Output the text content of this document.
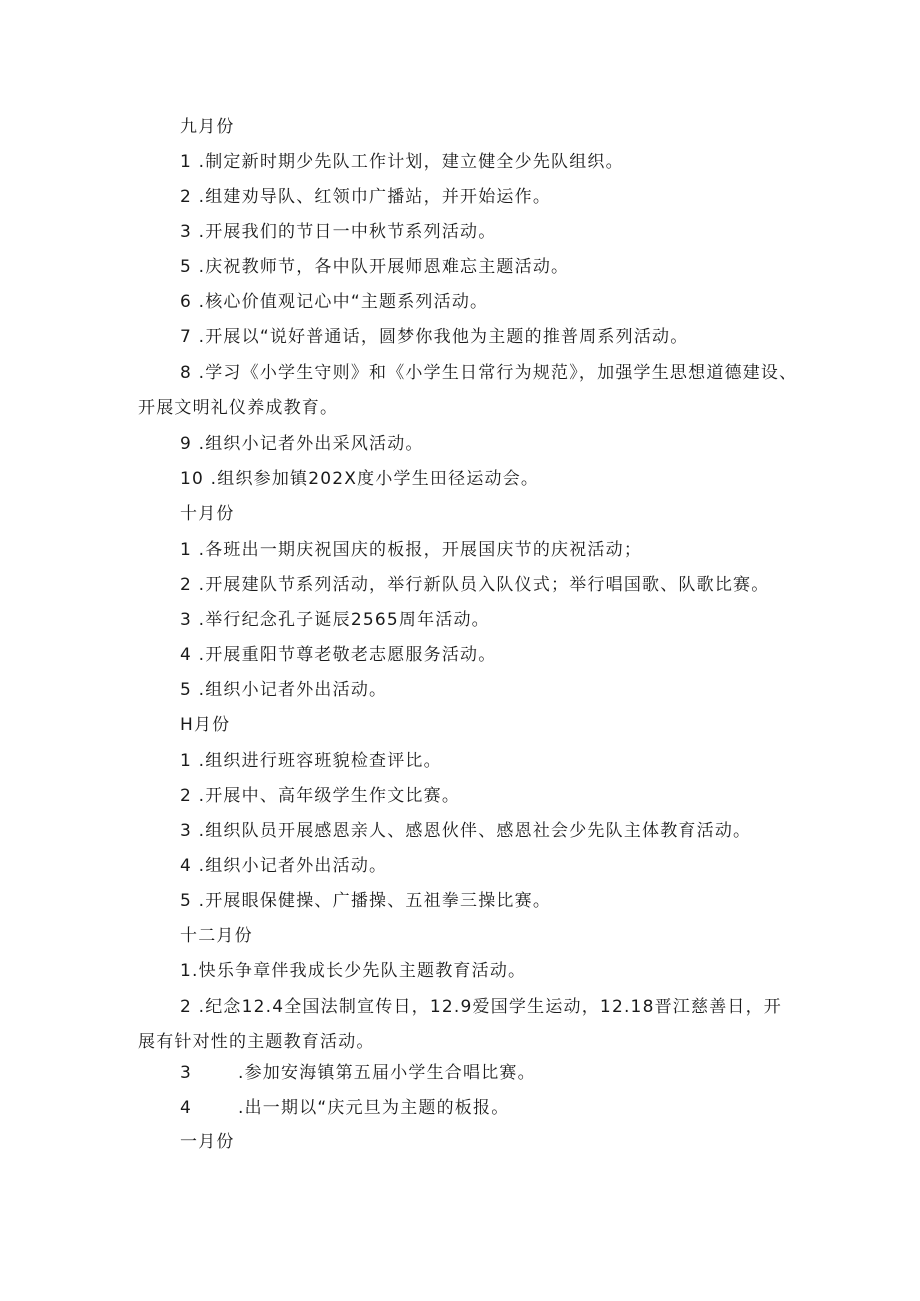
九月份
1 .制定新时期少先队工作计划，建立健全少先队组织。
2 .组建劝导队、红领巾广播站，并开始运作。
3 .开展我们的节日一中秋节系列活动。
5 .庆祝教师节，各中队开展师恩难忘主题活动。
6 .核心价值观记心中“主题系列活动。
7 .开展以“说好普通话，圆梦你我他为主题的推普周系列活动。
8 .学习《小学生守则》和《小学生日常行为规范》，加强学生思想道德建设、开展文明礼仪养成教育。
9 .组织小记者外出采风活动。
10 .组织参加镇202X度小学生田径运动会。
十月份
1 .各班出一期庆祝国庆的板报，开展国庆节的庆祝活动；
2 .开展建队节系列活动，举行新队员入队仪式；举行唱国歌、队歌比赛。
3 .举行纪念孔子诞辰2565周年活动。
4 .开展重阳节尊老敬老志愿服务活动。
5 .组织小记者外出活动。
H月份
1 .组织进行班容班貌检查评比。
2 .开展中、高年级学生作文比赛。
3 .组织队员开展感恩亲人、感恩伙伴、感恩社会少先队主体教育活动。
4 .组织小记者外出活动。
5 .开展眼保健操、广播操、五祖拳三操比赛。
十二月份
1.快乐争章伴我成长少先队主题教育活动。
2 .纪念12.4全国法制宣传日，12.9爱国学生运动，12.18晋江慈善日，开展有针对性的主题教育活动。
3	.参加安海镇第五届小学生合唱比赛。
4	.出一期以“庆元旦为主题的板报。
一月份
